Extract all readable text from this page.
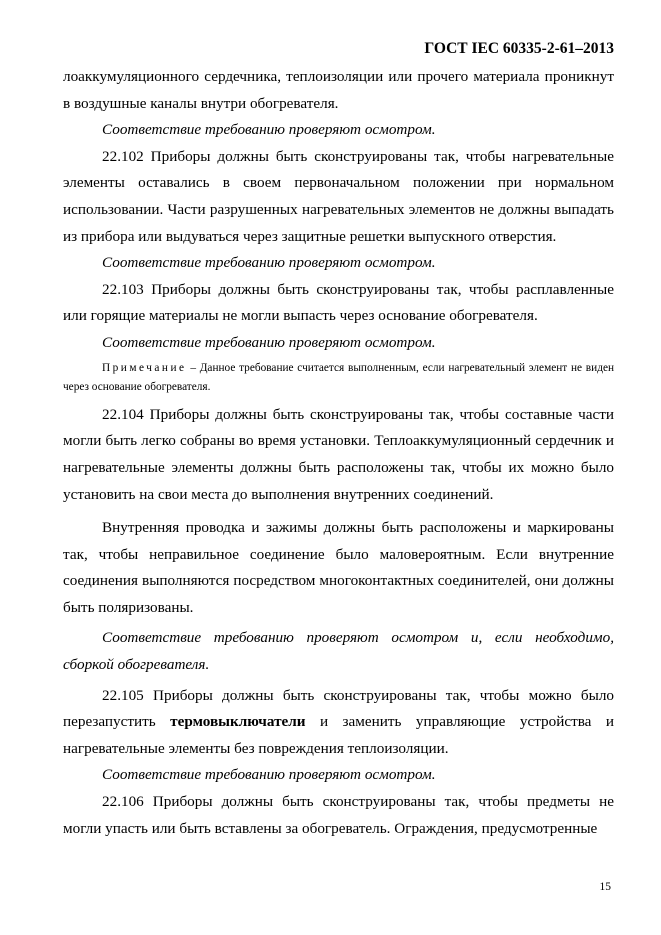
ГОСТ IEC 60335-2-61–2013

лоаккумуляционного сердечника, теплоизоляции или прочего материала проникнут в воздушные каналы внутри обогревателя.

Соответствие требованию проверяют осмотром.

22.102 Приборы должны быть сконструированы так, чтобы нагревательные элементы оставались в своем первоначальном положении при нормальном использовании. Части разрушенных нагревательных элементов не должны выпадать из прибора или выдуваться через защитные решетки выпускного отверстия.

Соответствие требованию проверяют осмотром.

22.103 Приборы должны быть сконструированы так, чтобы расплавленные или горящие материалы не могли выпасть через основание обогревателя.

Соответствие требованию проверяют осмотром.

Примечание – Данное требование считается выполненным, если нагревательный элемент не виден через основание обогревателя.

22.104 Приборы должны быть сконструированы так, чтобы составные части могли быть легко собраны во время установки. Теплоаккумуляционный сердечник и нагревательные элементы должны быть расположены так, чтобы их можно было установить на свои места до выполнения внутренних соединений.

Внутренняя проводка и зажимы должны быть расположены и маркированы так, чтобы неправильное соединение было маловероятным. Если внутренние соединения выполняются посредством многоконтактных соединителей, они должны быть поляризованы.

Соответствие требованию проверяют осмотром и, если необходимо, сборкой обогревателя.

22.105 Приборы должны быть сконструированы так, чтобы можно было перезапустить термовыключатели и заменить управляющие устройства и нагревательные элементы без повреждения теплоизоляции.

Соответствие требованию проверяют осмотром.

22.106 Приборы должны быть сконструированы так, чтобы предметы не могли упасть или быть вставлены за обогреватель. Ограждения, предусмотренные

15
